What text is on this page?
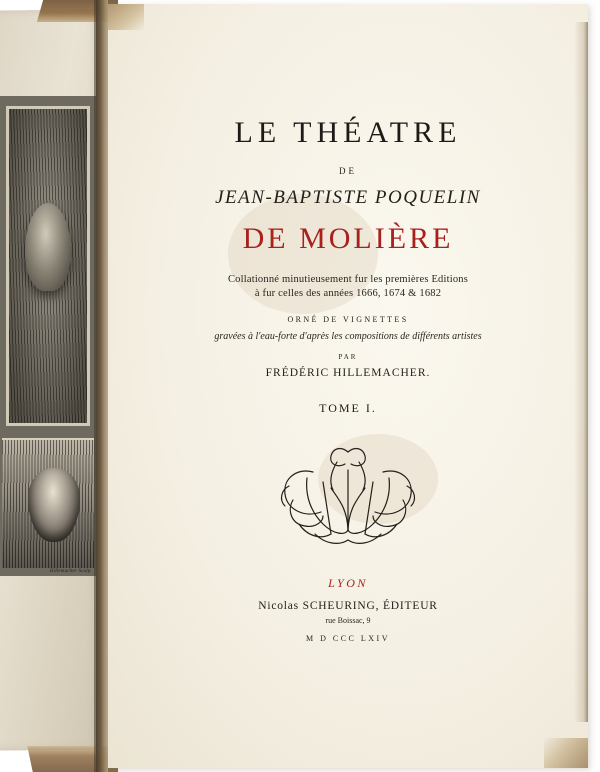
Hillemacher Sculp.
LE THÉATRE
DE
JEAN-BAPTISTE POQUELIN
DE MOLIÈRE
Collationné minutieusement fur les premières Editions
à fur celles des années 1666, 1674 & 1682
ORNÉ DE VIGNETTES
gravées à l'eau-forte d'après les compositions de différents artistes
PAR
FRÉDÉRIC HILLEMACHER.
TOME I.
LYON
Nicolas SCHEURING, ÉDITEUR
rue Boissac, 9
M D CCC LXIV
